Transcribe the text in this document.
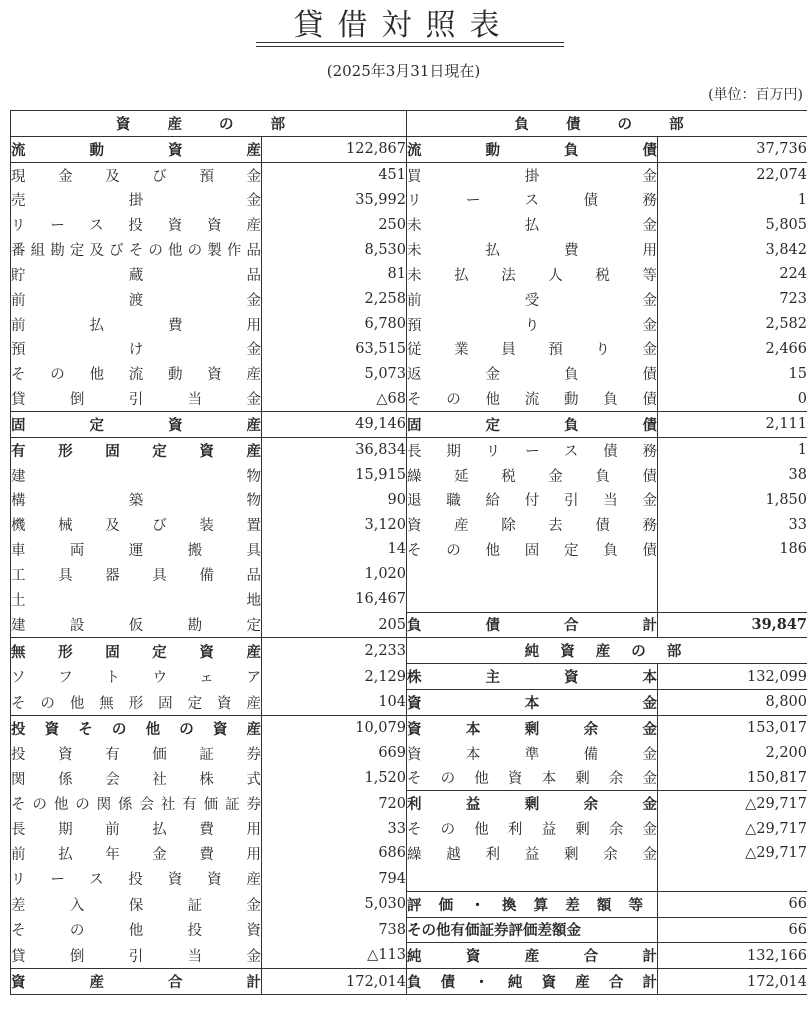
貸借対照表
(2025年3月31日現在)
(単位：百万円)
資 産 の 部		負 債 の 部	
流動資産	122,867	流動負債	37,736
現金及び預金	451	買掛金	22,074
売掛金	35,992	リース債務	1
リース投資資産	250	未払金	5,805
番組勘定及びその他の製作品	8,530	未払費用	3,842
貯蔵品	81	未払法人税等	224
前渡金	2,258	前受金	723
前払費用	6,780	預り金	2,582
預け金	63,515	従業員預り金	2,466
その他流動資産	5,073	返金負債	15
貸倒引当金	△68	その他流動負債	0
固定資産	49,146	固定負債	2,111
有形固定資産	36,834	長期リース債務	1
建物	15,915	繰延税金負債	38
構築物	90	退職給付引当金	1,850
機械及び装置	3,120	資産除去債務	33
車両運搬具	14	その他固定負債	186
工具器具備品	1,020		
土地	16,467		
建設仮勘定	205	負債合計	39,847
無形固定資産	2,233	純 資 産 の 部	
ソフトウェア	2,129	株主資本	132,099
その他無形固定資産	104	資本金	8,800
投資その他の資産	10,079	資本剰余金	153,017
投資有価証券	669	資本準備金	2,200
関係会社株式	1,520	その他資本剰余金	150,817
その他の関係会社有価証券	720	利益剰余金	△29,717
長期前払費用	33	その他利益剰余金	△29,717
前払年金費用	686	繰越利益剰余金	△29,717
リース投資資産	794		
差入保証金	5,030	評価・換算差額等	66
その他投資	738	その他有価証券評価差額金	66
貸倒引当金	△113	純資産合計	132,166
資産合計	172,014	負債・純資産合計	172,014
